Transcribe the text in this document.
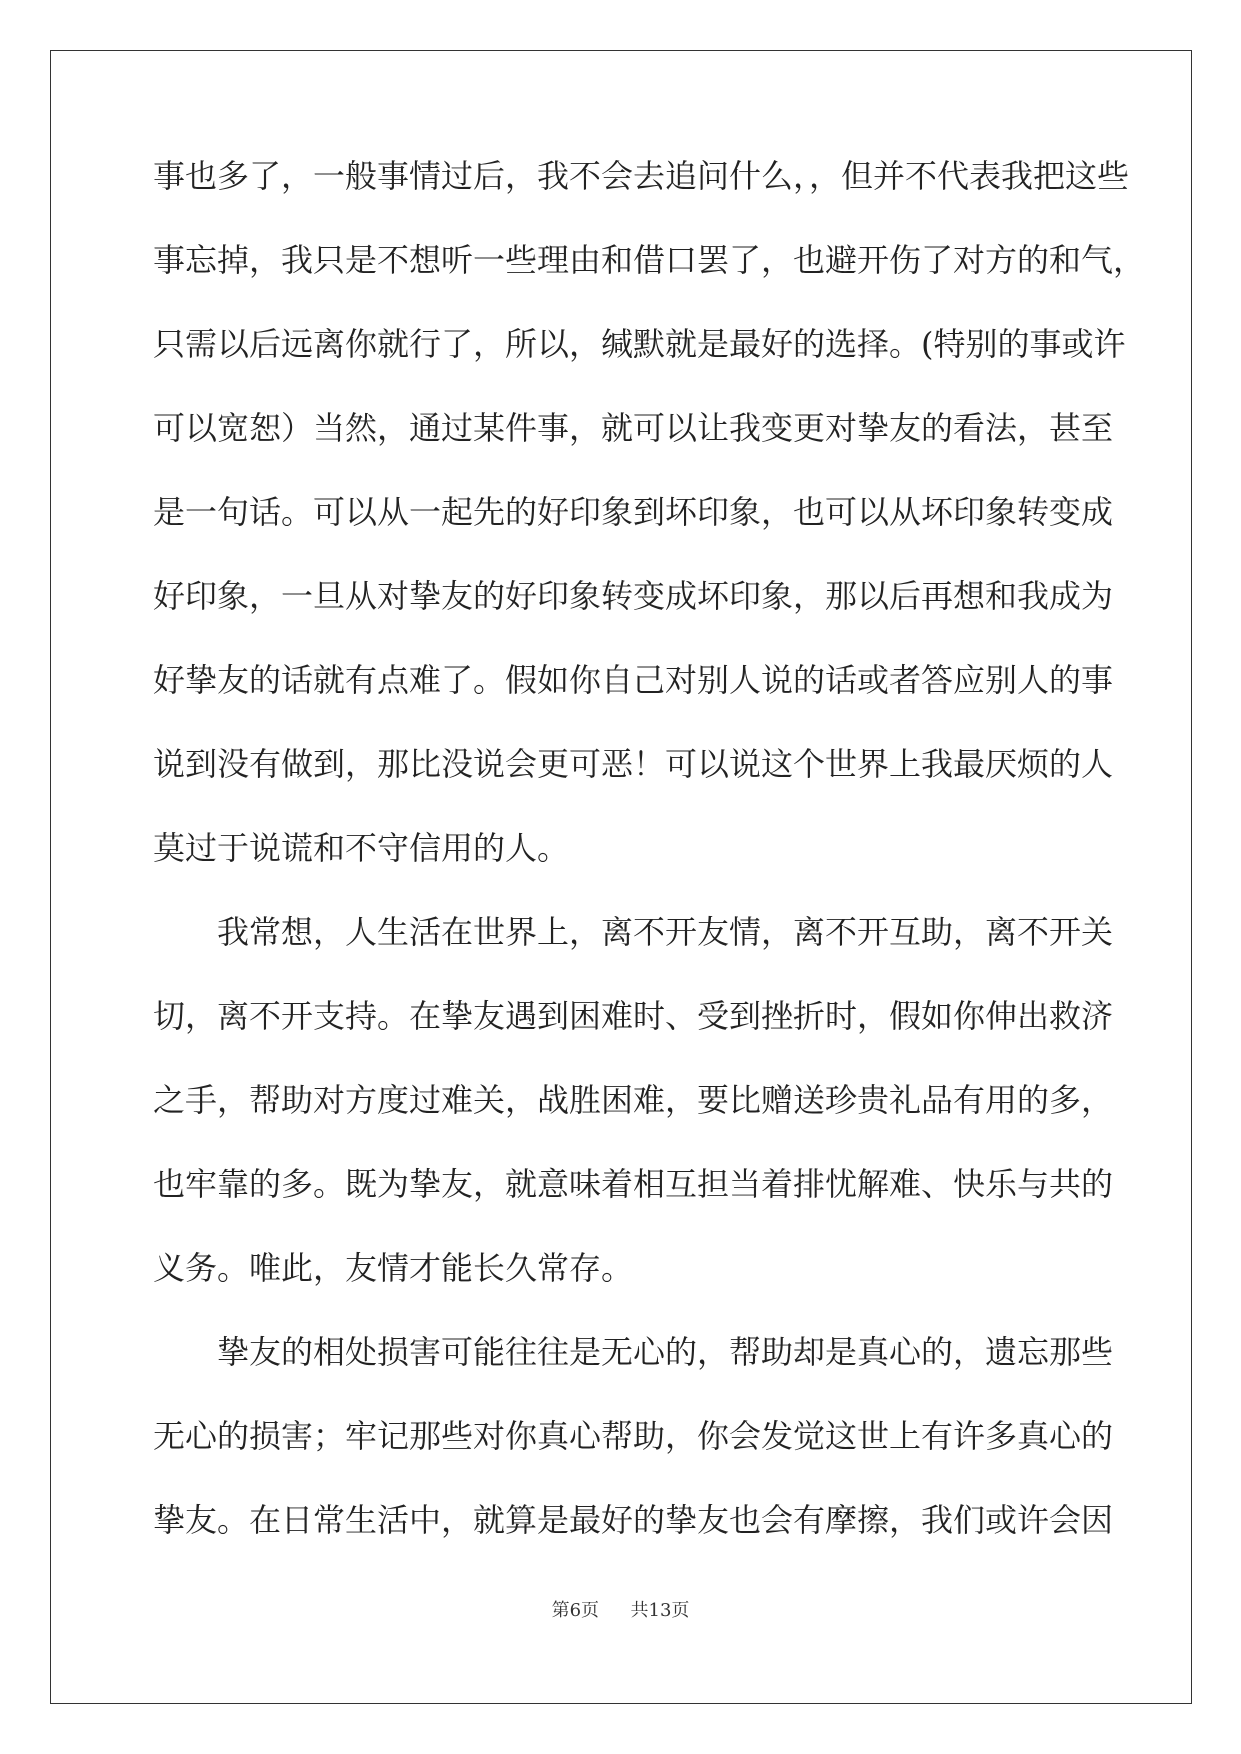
事也多了，一般事情过后，我不会去追问什么，，但并不代表我把这些
事忘掉，我只是不想听一些理由和借口罢了，也避开伤了对方的和气，
只需以后远离你就行了，所以，缄默就是最好的选择。(特别的事或许
可以宽恕）当然，通过某件事，就可以让我变更对挚友的看法，甚至
是一句话。可以从一起先的好印象到坏印象，也可以从坏印象转变成
好印象，一旦从对挚友的好印象转变成坏印象，那以后再想和我成为
好挚友的话就有点难了。假如你自己对别人说的话或者答应别人的事
说到没有做到，那比没说会更可恶！可以说这个世界上我最厌烦的人
莫过于说谎和不守信用的人。
我常想，人生活在世界上，离不开友情，离不开互助，离不开关
切，离不开支持。在挚友遇到困难时、受到挫折时，假如你伸出救济
之手，帮助对方度过难关，战胜困难，要比赠送珍贵礼品有用的多，
也牢靠的多。既为挚友，就意味着相互担当着排忧解难、快乐与共的
义务。唯此，友情才能长久常存。
挚友的相处损害可能往往是无心的，帮助却是真心的，遗忘那些
无心的损害；牢记那些对你真心帮助，你会发觉这世上有许多真心的
挚友。在日常生活中，就算是最好的挚友也会有摩擦，我们或许会因
第6页 共13页
